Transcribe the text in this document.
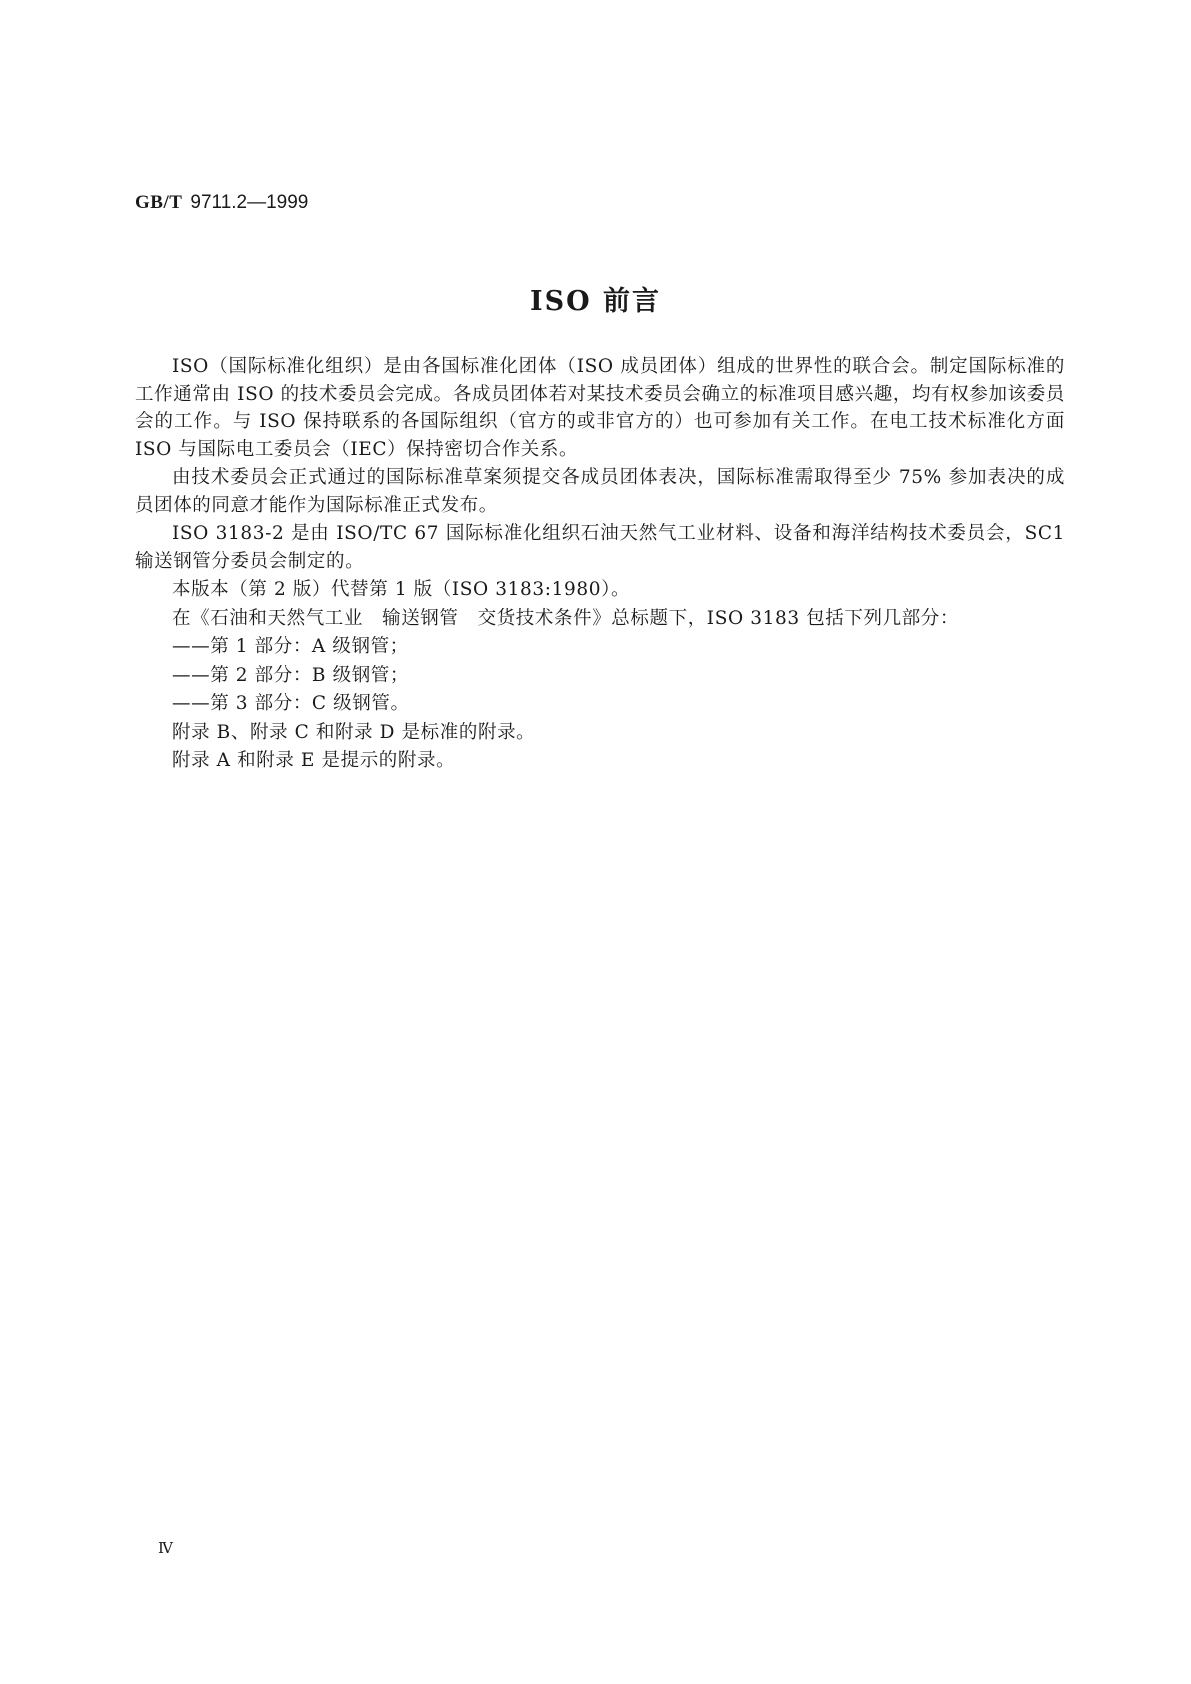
GB/T 9711.2—1999
ISO 前言

ISO（国际标准化组织）是由各国标准化团体（ISO 成员团体）组成的世界性的联合会。制定国际标准的工作通常由 ISO 的技术委员会完成。各成员团体若对某技术委员会确立的标准项目感兴趣，均有权参加该委员会的工作。与 ISO 保持联系的各国际组织（官方的或非官方的）也可参加有关工作。在电工技术标准化方面 ISO 与国际电工委员会（IEC）保持密切合作关系。

由技术委员会正式通过的国际标准草案须提交各成员团体表决，国际标准需取得至少 75% 参加表决的成员团体的同意才能作为国际标准正式发布。

ISO 3183-2 是由 ISO/TC 67 国际标准化组织石油天然气工业材料、设备和海洋结构技术委员会，SC1 输送钢管分委员会制定的。

本版本（第 2 版）代替第 1 版（ISO 3183:1980）。

在《石油和天然气工业　输送钢管　交货技术条件》总标题下，ISO 3183 包括下列几部分：

——第 1 部分：A 级钢管；

——第 2 部分：B 级钢管；

——第 3 部分：C 级钢管。

附录 B、附录 C 和附录 D 是标准的附录。

附录 A 和附录 E 是提示的附录。

Ⅳ
